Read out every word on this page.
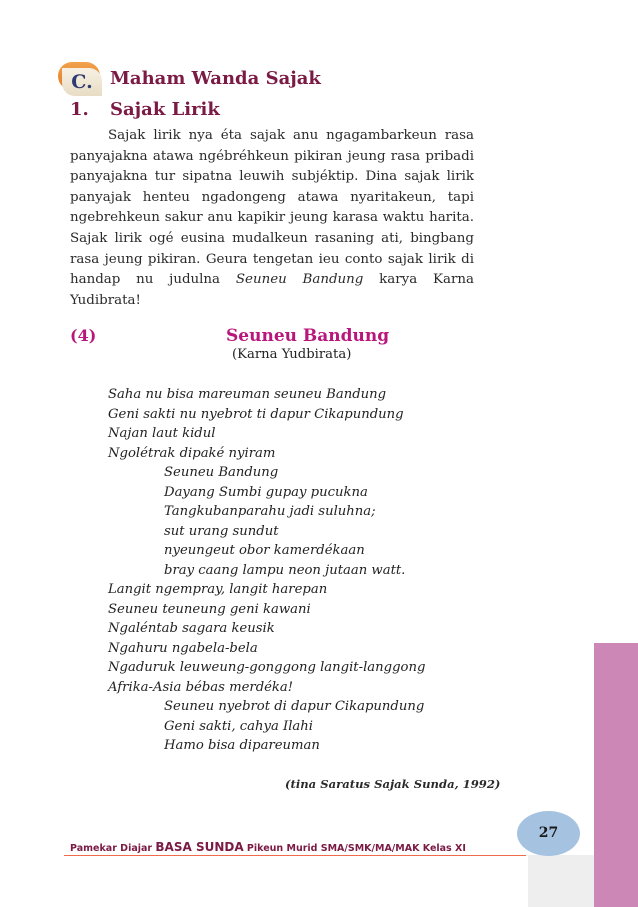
C. Maham Wanda Sajak
1. Sajak Lirik
Sajak lirik nya éta sajak anu ngagambarkeun rasa panyajakna atawa ngébréhkeun pikiran jeung rasa pribadi panyajakna tur sipatna leuwih subjéktip. Dina sajak lirik panyajak henteu ngadongeng atawa nyaritakeun, tapi ngebrehkeun sakur anu kapikir jeung karasa waktu harita. Sajak lirik ogé eusina mudalkeun rasaning ati, bingbang rasa jeung pikiran. Geura tengetan ieu conto sajak lirik di handap nu judulna Seuneu Bandung karya Karna Yudibrata!
(4)	Seuneu Bandung
(Karna Yudbirata)
Saha nu bisa mareuman seuneu Bandung
Geni sakti nu nyebrot ti dapur Cikapundung
Najan laut kidul
Ngolétrak dipaké nyiram
Seuneu Bandung
Dayang Sumbi gupay pucukna
Tangkubanparahu jadi suluhna;
sut urang sundut
nyeungeut obor kamerdékaan
bray caang lampu neon jutaan watt.
Langit ngempray, langit harepan
Seuneu teuneung geni kawani
Ngaléntab sagara keusik
Ngahuru ngabela-bela
Ngaduruk leuweung-gonggong langit-langgong
Afrika-Asia bébas merdéka!
Seuneu nyebrot di dapur Cikapundung
Geni sakti, cahya Ilahi
Hamo bisa dipareuman
(tina Saratus Sajak Sunda, 1992)
27
Pamekar Diajar BASA SUNDA Pikeun Murid SMA/SMK/MA/MAK Kelas XI
